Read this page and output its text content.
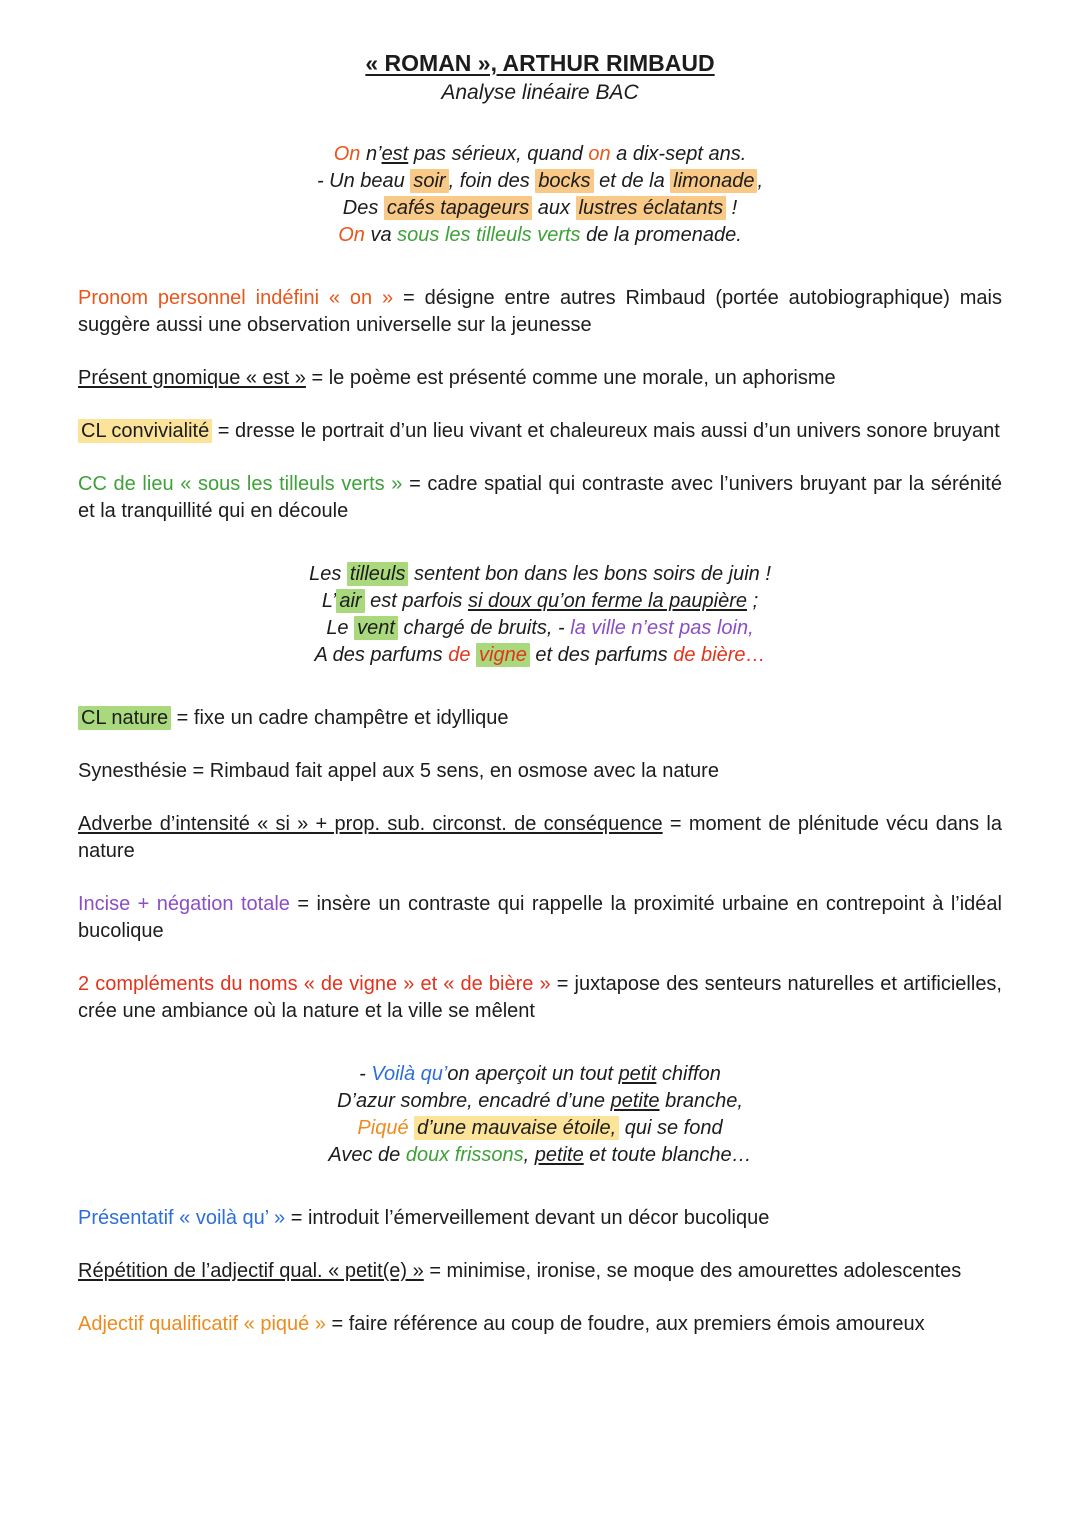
« ROMAN », ARTHUR RIMBAUD
Analyse linéaire BAC
On n’est pas sérieux, quand on a dix-sept ans.
- Un beau soir , foin des bocks et de la limonade ,
Des cafés tapageurs aux lustres éclatants !
On va sous les tilleuls verts de la promenade.
Pronom personnel indéfini « on » = désigne entre autres Rimbaud (portée autobiographique) mais suggère aussi une observation universelle sur la jeunesse
Présent gnomique « est » = le poème est présenté comme une morale, un aphorisme
CL convivialité = dresse le portrait d’un lieu vivant et chaleureux mais aussi d’un univers sonore bruyant
CC de lieu « sous les tilleuls verts » = cadre spatial qui contraste avec l’univers bruyant par la sérénité et la tranquillité qui en découle
Les tilleuls sentent bon dans les bons soirs de juin !
L’ air est parfois si doux qu’on ferme la paupière ;
Le vent chargé de bruits, - la ville n’est pas loin,
A des parfums de vigne et des parfums de bière…
CL nature = fixe un cadre champêtre et idyllique
Synesthésie = Rimbaud fait appel aux 5 sens, en osmose avec la nature
Adverbe d’intensité « si » + prop. sub. circonst. de conséquence = moment de plénitude vécu dans la nature
Incise + négation totale = insère un contraste qui rappelle la proximité urbaine en contrepoint à l’idéal bucolique
2 compléments du noms « de vigne » et « de bière » = juxtapose des senteurs naturelles et artificielles, crée une ambiance où la nature et la ville se mêlent
- Voilà qu’on aperçoit un tout petit chiffon
D’azur sombre, encadré d’une petite branche,
Piqué d’une mauvaise étoile, qui se fond
Avec de doux frissons, petite et toute blanche…
Présentatif « voilà qu’ » = introduit l’émerveillement devant un décor bucolique
Répétition de l’adjectif qual. « petit(e) » = minimise, ironise, se moque des amourettes adolescentes
Adjectif qualificatif « piqué » = faire référence au coup de foudre, aux premiers émois amoureux
